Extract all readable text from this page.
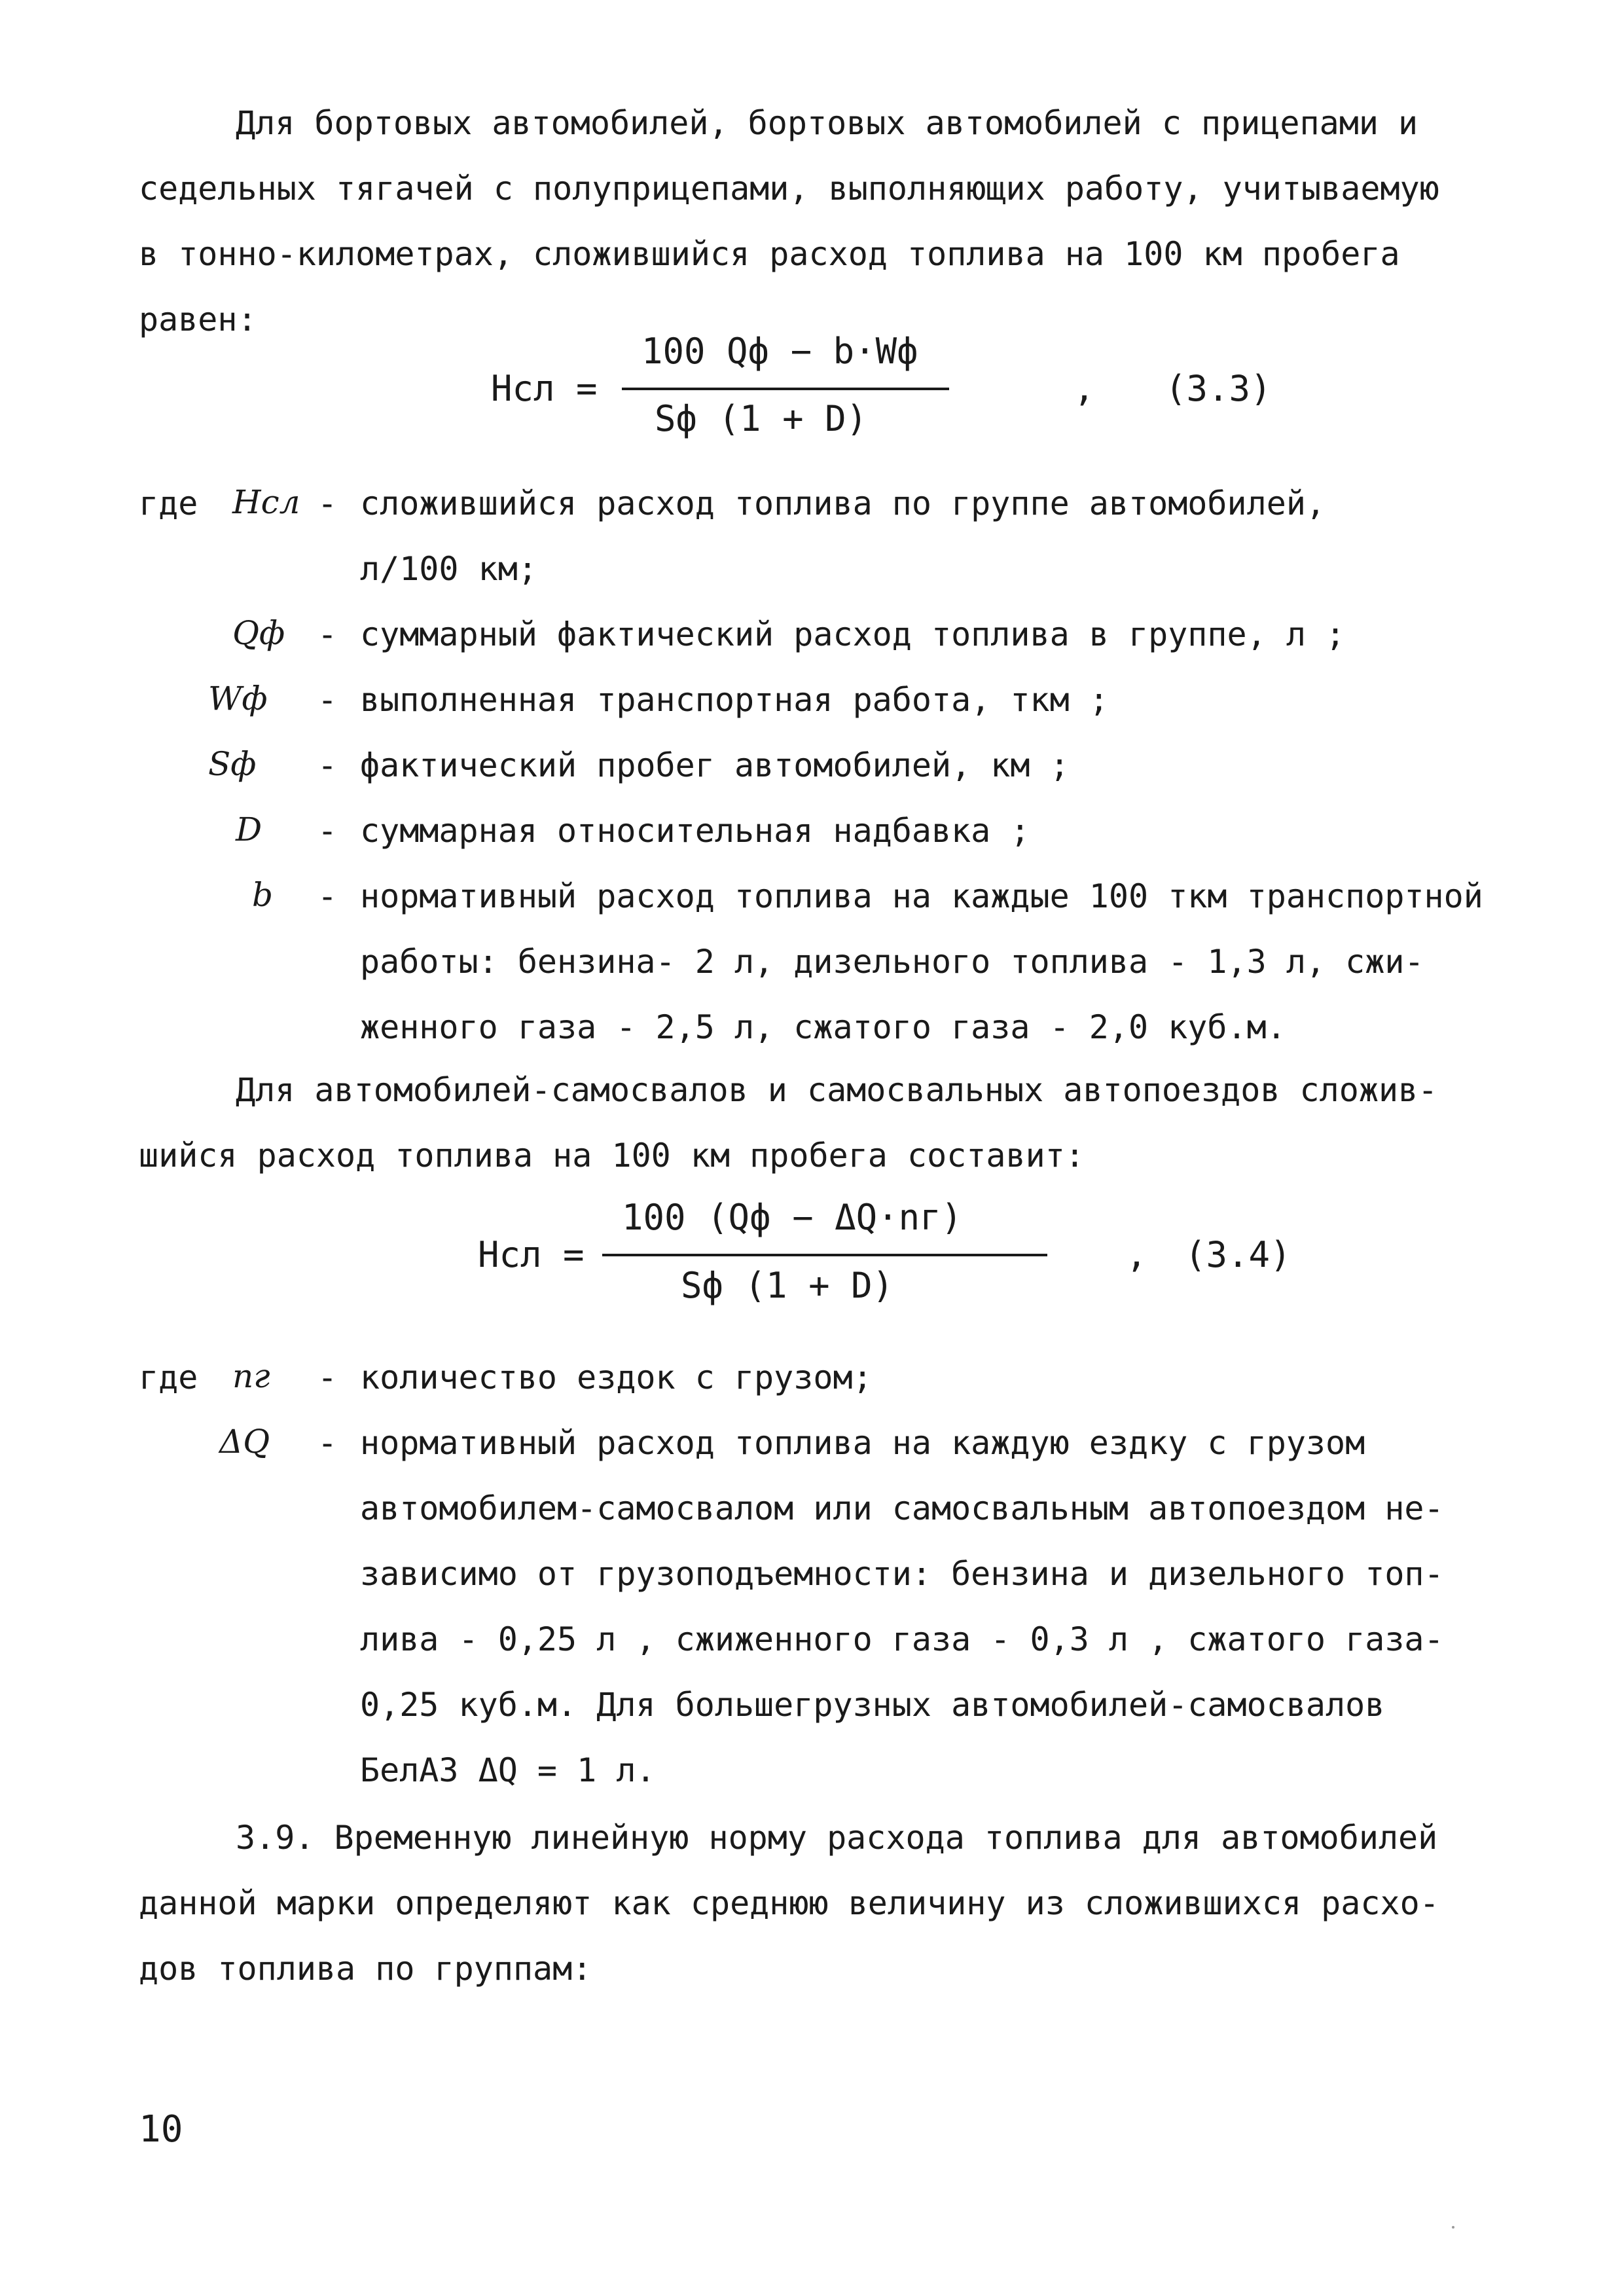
Для бортовых автомобилей, бортовых автомобилей с прицепами и
седельных тягачей с полуприцепами, выполняющих работу, учитываемую
в тонно-километрах, сложившийся расход топлива на 100 км пробега
равен:
Нсл =
100 Qф − b·Wф
Sф (1 + D)
, (3.3)
где Нсл - сложившийся расход топлива по группе автомобилей,
л/100 км;
Qф - суммарный фактический расход топлива в группе, л ;
Wф - выполненная транспортная работа, ткм ;
Sф - фактический пробег автомобилей, км ;
D - суммарная относительная надбавка ;
b - нормативный расход топлива на каждые 100 ткм транспортной
работы: бензина- 2 л, дизельного топлива - 1,3 л, сжи-
женного газа - 2,5 л, сжатого газа - 2,0 куб.м.
Для автомобилей-самосвалов и самосвальных автопоездов сложив-
шийся расход топлива на 100 км пробега составит:
Нсл =
100 (Qф − ΔQ·nг)
Sф (1 + D)
, (3.4)
где nг - количество ездок с грузом;
ΔQ - нормативный расход топлива на каждую ездку с грузом
автомобилем-самосвалом или самосвальным автопоездом не-
зависимо от грузоподъемности: бензина и дизельного топ-
лива - 0,25 л , сжиженного газа - 0,3 л , сжатого газа-
0,25 куб.м. Для большегрузных автомобилей-самосвалов
БелАЗ ΔQ = 1 л.
3.9. Временную линейную норму расхода топлива для автомобилей
данной марки определяют как среднюю величину из сложившихся расхо-
дов топлива по группам:
10
